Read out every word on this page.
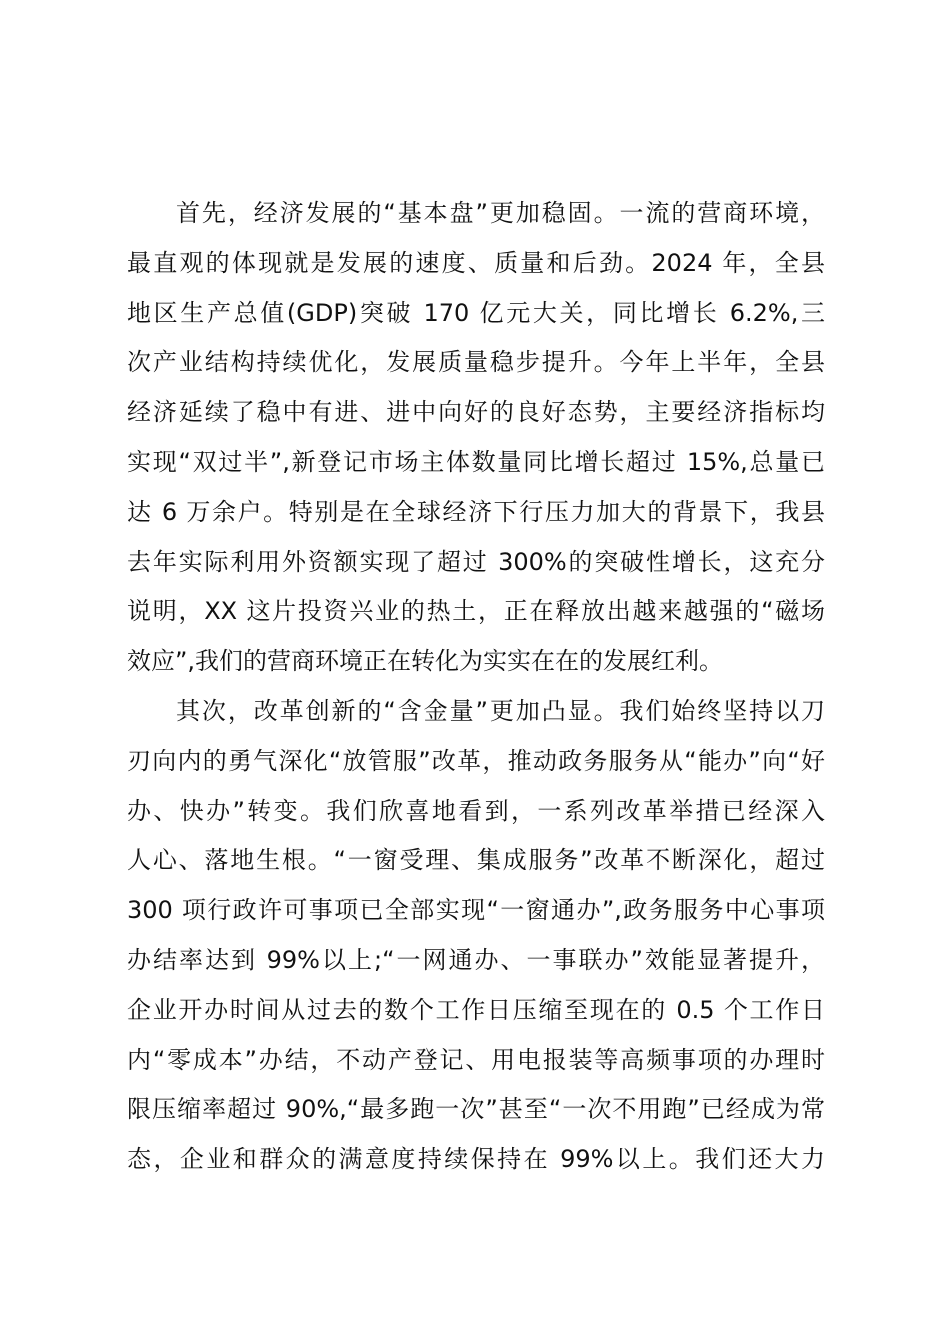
首先，经济发展的“基本盘”更加稳固。一流的营商环境，
最直观的体现就是发展的速度、质量和后劲。2024 年，全县
地区生产总值(GDP)突破 170 亿元大关，同比增长 6.2%,三
次产业结构持续优化，发展质量稳步提升。今年上半年，全县
经济延续了稳中有进、进中向好的良好态势，主要经济指标均
实现“双过半”,新登记市场主体数量同比增长超过 15%,总量已
达 6 万余户。特别是在全球经济下行压力加大的背景下，我县
去年实际利用外资额实现了超过 300%的突破性增长，这充分
说明，XX 这片投资兴业的热土，正在释放出越来越强的“磁场
效应”,我们的营商环境正在转化为实实在在的发展红利。
其次，改革创新的“含金量”更加凸显。我们始终坚持以刀
刃向内的勇气深化“放管服”改革，推动政务服务从“能办”向“好
办、快办”转变。我们欣喜地看到，一系列改革举措已经深入
人心、落地生根。“一窗受理、集成服务”改革不断深化，超过
300 项行政许可事项已全部实现“一窗通办”,政务服务中心事项
办结率达到 99%以上;“一网通办、一事联办”效能显著提升，
企业开办时间从过去的数个工作日压缩至现在的 0.5 个工作日
内“零成本”办结，不动产登记、用电报装等高频事项的办理时
限压缩率超过 90%,“最多跑一次”甚至“一次不用跑”已经成为常
态，企业和群众的满意度持续保持在 99%以上。我们还大力
